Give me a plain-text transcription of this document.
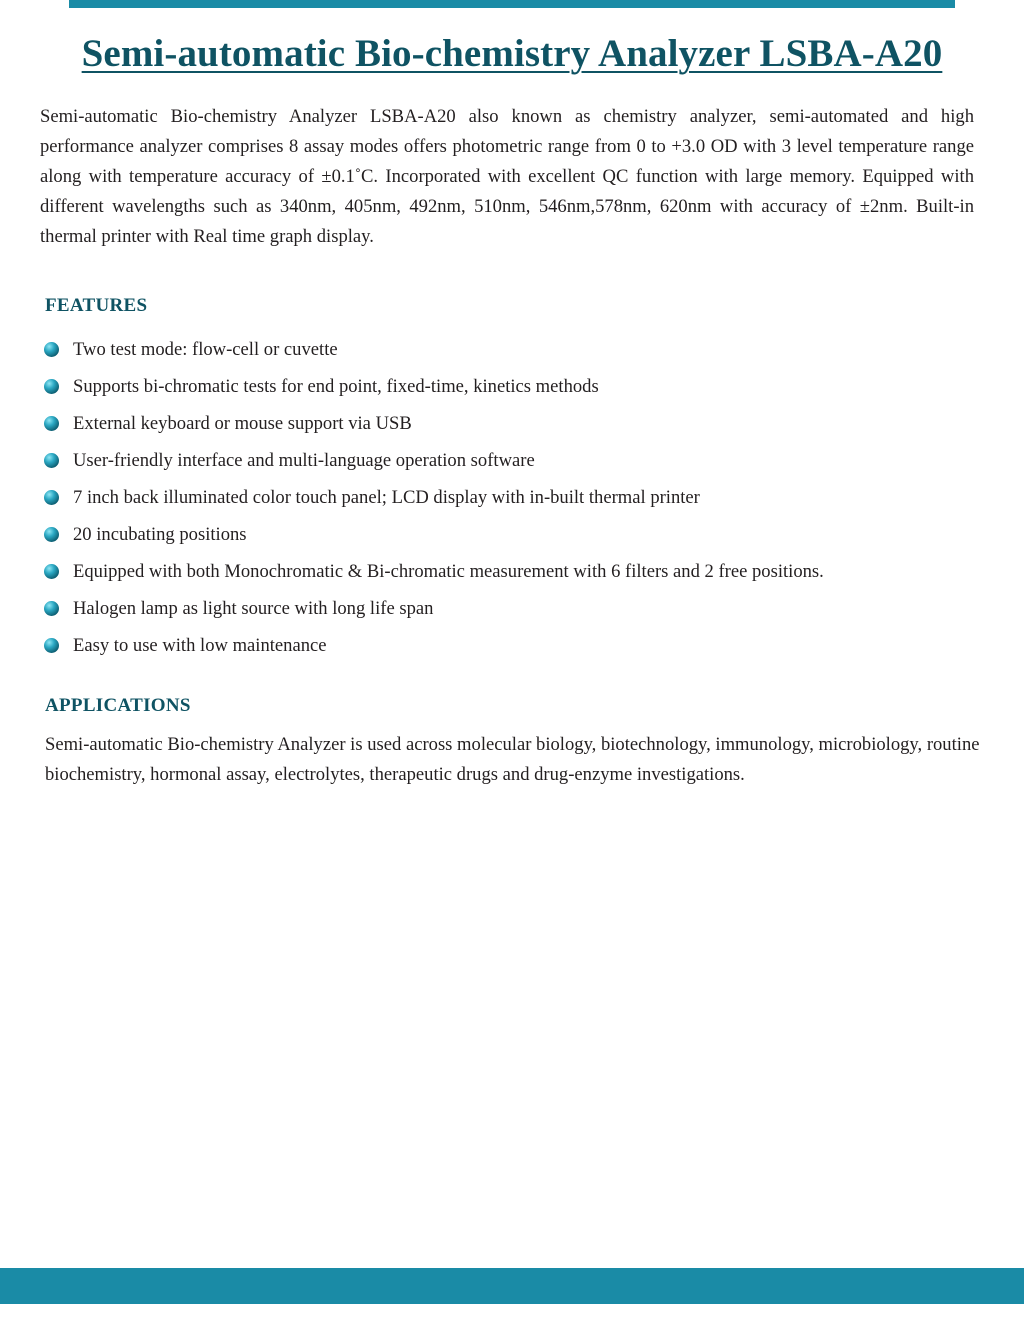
Semi-automatic Bio-chemistry Analyzer LSBA-A20

Semi-automatic Bio-chemistry Analyzer LSBA-A20 also known as chemistry analyzer, semi-automated and high performance analyzer comprises 8 assay modes offers photometric range from 0 to +3.0 OD with 3 level temperature range along with temperature accuracy of ±0.1˚C. Incorporated with excellent QC function with large memory. Equipped with different wavelengths such as 340nm, 405nm, 492nm, 510nm, 546nm,578nm, 620nm with accuracy of ±2nm. Built-in thermal printer with Real time graph display.

FEATURES
Two test mode: flow-cell or cuvette
Supports bi-chromatic tests for end point, fixed-time, kinetics methods
External keyboard or mouse support via USB
User-friendly interface and multi-language operation software
7 inch back illuminated color touch panel; LCD display with in-built thermal printer
20 incubating positions
Equipped with both Monochromatic & Bi-chromatic measurement with 6 filters and 2 free positions.
Halogen lamp as light source with long life span
Easy to use with low maintenance
APPLICATIONS

Semi-automatic Bio-chemistry Analyzer is used across molecular biology, biotechnology, immunology, microbiology, routine biochemistry, hormonal assay, electrolytes, therapeutic drugs and drug-enzyme investigations.
